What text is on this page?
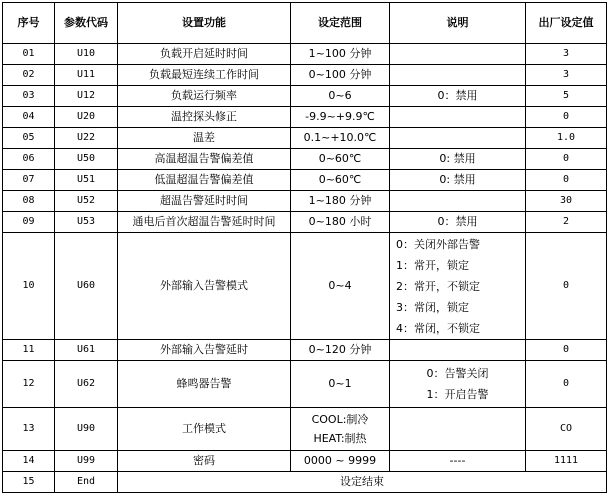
序号	参数代码	设置功能	设定范围	说明	出厂设定值
01	U10	负载开启延时时间	1~100 分钟		3
02	U11	负载最短连续工作时间	0~100 分钟		3
03	U12	负载运行频率	0~6	0：禁用	5
04	U20	温控探头修正	-9.9~+9.9℃		0
05	U22	温差	0.1~+10.0℃		1.0
06	U50	高温超温告警偏差值	0~60℃	0: 禁用	0
07	U51	低温超温告警偏差值	0~60℃	0: 禁用	0
08	U52	超温告警延时时间	1~180 分钟		30
09	U53	通电后首次超温告警延时时间	0~180 小时	0：禁用	2
10	U60	外部输入告警模式	0~4	0：关闭外部告警
1：常开，锁定
2：常开，不锁定
3：常闭，锁定
4：常闭，不锁定	0
11	U61	外部输入告警延时	0~120 分钟		0
12	U62	蜂鸣器告警	0~1	0：告警关闭
1：开启告警	0
13	U90	工作模式	COOL:制冷
HEAT:制热		CO
14	U99	密码	0000 ~ 9999	----	1111
15	End	设定结束			
